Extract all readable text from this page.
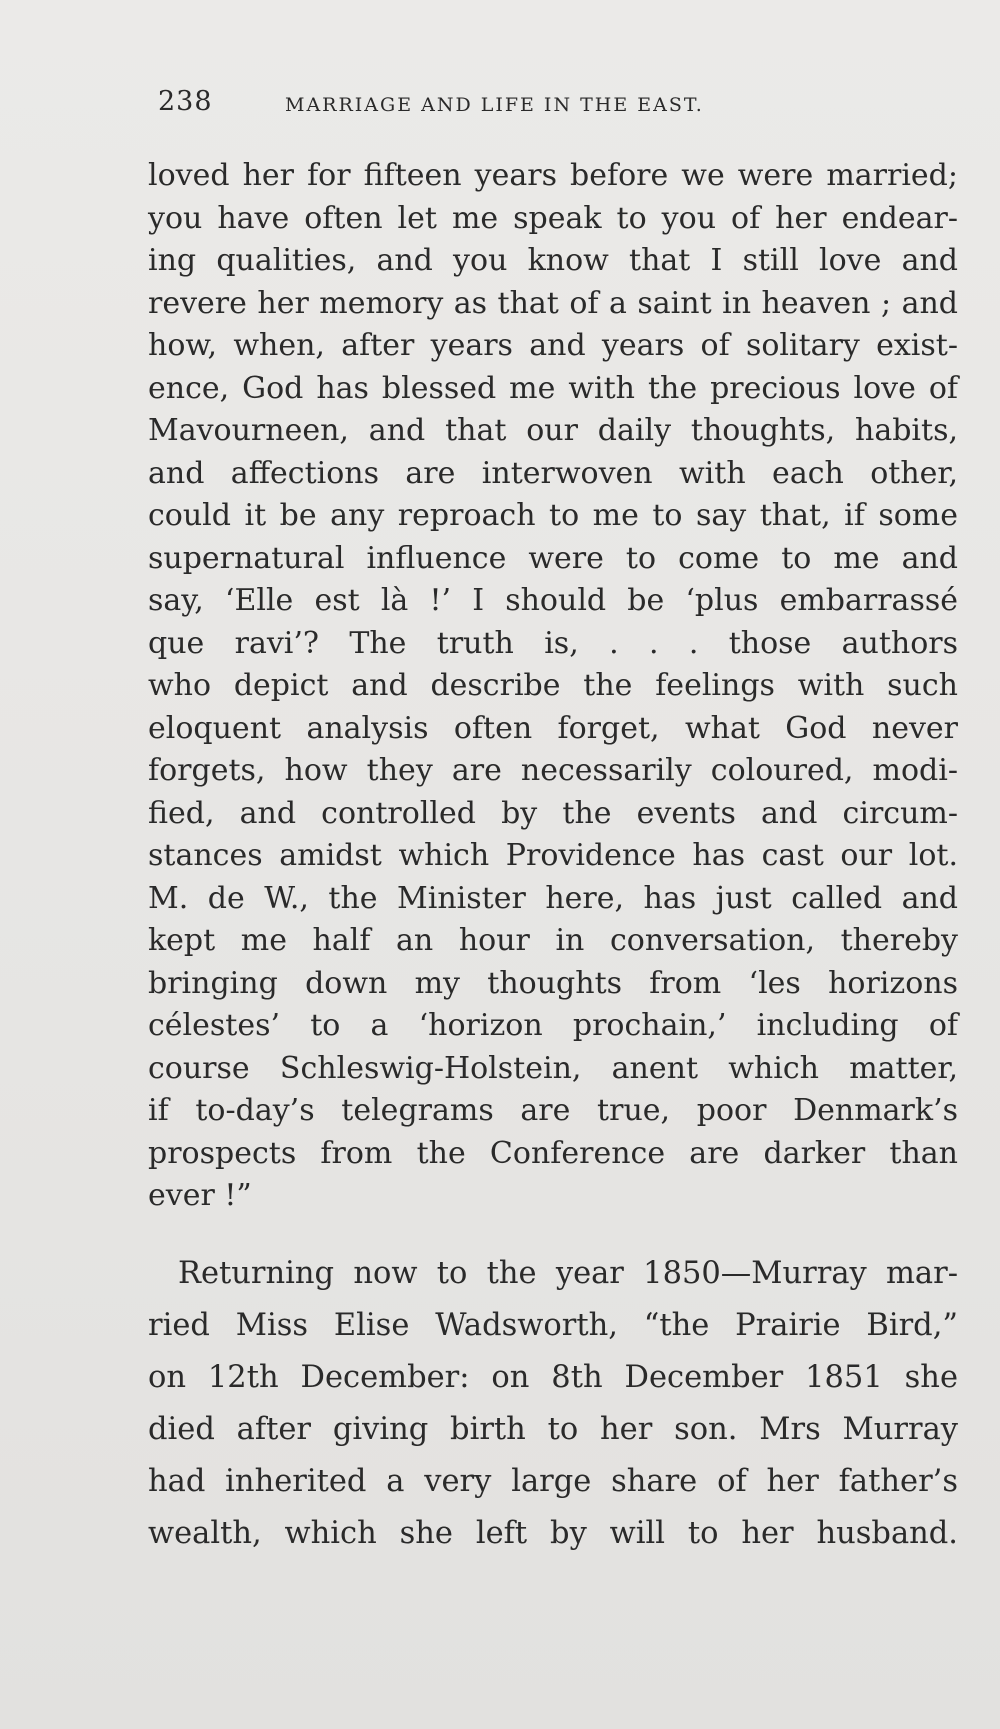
238	MARRIAGE AND LIFE IN THE EAST.
loved her for fifteen years before we were married;
you have often let me speak to you of her endear-
ing qualities, and you know that I still love and
revere her memory as that of a saint in heaven ; and
how, when, after years and years of solitary exist-
ence, God has blessed me with the precious love of
Mavourneen, and that our daily thoughts, habits,
and affections are interwoven with each other,
could it be any reproach to me to say that, if some
supernatural influence were to come to me and
say, ‘Elle est là !’ I should be ‘plus embarrassé
que ravi’? The truth is, . . . those authors
who depict and describe the feelings with such
eloquent analysis often forget, what God never
forgets, how they are necessarily coloured, modi-
fied, and controlled by the events and circum-
stances amidst which Providence has cast our lot.
M. de W., the Minister here, has just called and
kept me half an hour in conversation, thereby
bringing down my thoughts from ‘les horizons
célestes’ to a ‘horizon prochain,’ including of
course Schleswig-Holstein, anent which matter,
if to-day’s telegrams are true, poor Denmark’s
prospects from the Conference are darker than
ever !”
Returning now to the year 1850—Murray mar-
ried Miss Elise Wadsworth, “the Prairie Bird,”
on 12th December: on 8th December 1851 she
died after giving birth to her son. Mrs Murray
had inherited a very large share of her father’s
wealth, which she left by will to her husband.
